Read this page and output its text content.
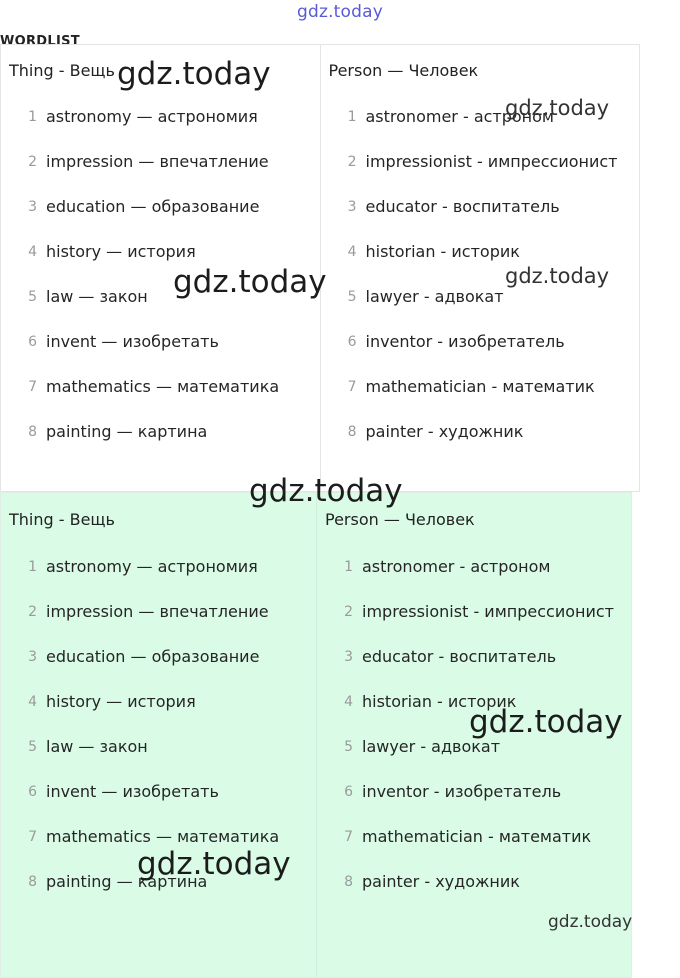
gdz.today
WORDLIST
Thing - Вещь
1 astronomy — астрономия
2 impression — впечатление
3 education — образование
4 history — история
5 law — закон
6 invent — изобретать
7 mathematics — математика
8 painting — картина
Person — Человек
1 astronomer - астроном
2 impressionist - импрессионист
3 educator - воспитатель
4 historian - историк
5 lawyer - адвокат
6 inventor - изобретатель
7 mathematician - математик
8 painter - художник
Thing - Вещь
1 astronomy — астрономия
2 impression — впечатление
3 education — образование
4 history — история
5 law — закон
6 invent — изобретать
7 mathematics — математика
8 painting — картина
Person — Человек
1 astronomer - астроном
2 impressionist - импрессионист
3 educator - воспитатель
4 historian - историк
5 lawyer - адвокат
6 inventor - изобретатель
7 mathematician - математик
8 painter - художник
gdz.today
gdz.today
gdz.today	gdz.today
gdz.today
gdz.today
gdz.today
gdz.today
